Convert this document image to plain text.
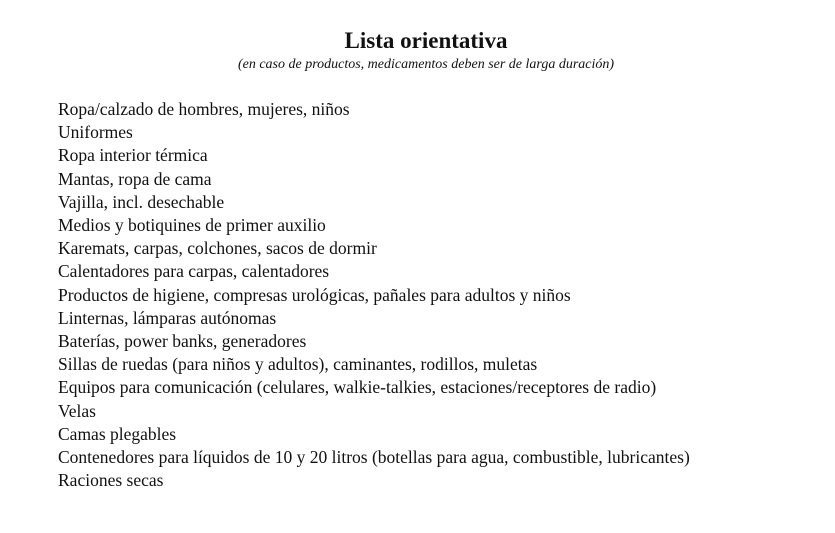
Lista orientativa

(en caso de productos, medicamentos deben ser de larga duración)

Ropa/calzado de hombres, mujeres, niños
Uniformes
Ropa interior térmica
Mantas, ropa de cama
Vajilla, incl. desechable
Medios y botiquines de primer auxilio
Karemats, carpas, colchones, sacos de dormir
Calentadores para carpas, calentadores
Productos de higiene, compresas urológicas, pañales para adultos y niños
Linternas, lámparas autónomas
Baterías, power banks, generadores
Sillas de ruedas (para niños y adultos), caminantes, rodillos, muletas
Equipos para comunicación (celulares, walkie-talkies, estaciones/receptores de radio)
Velas
Camas plegables
Contenedores para líquidos de 10 y 20 litros (botellas para agua, combustible, lubricantes)
Raciones secas
